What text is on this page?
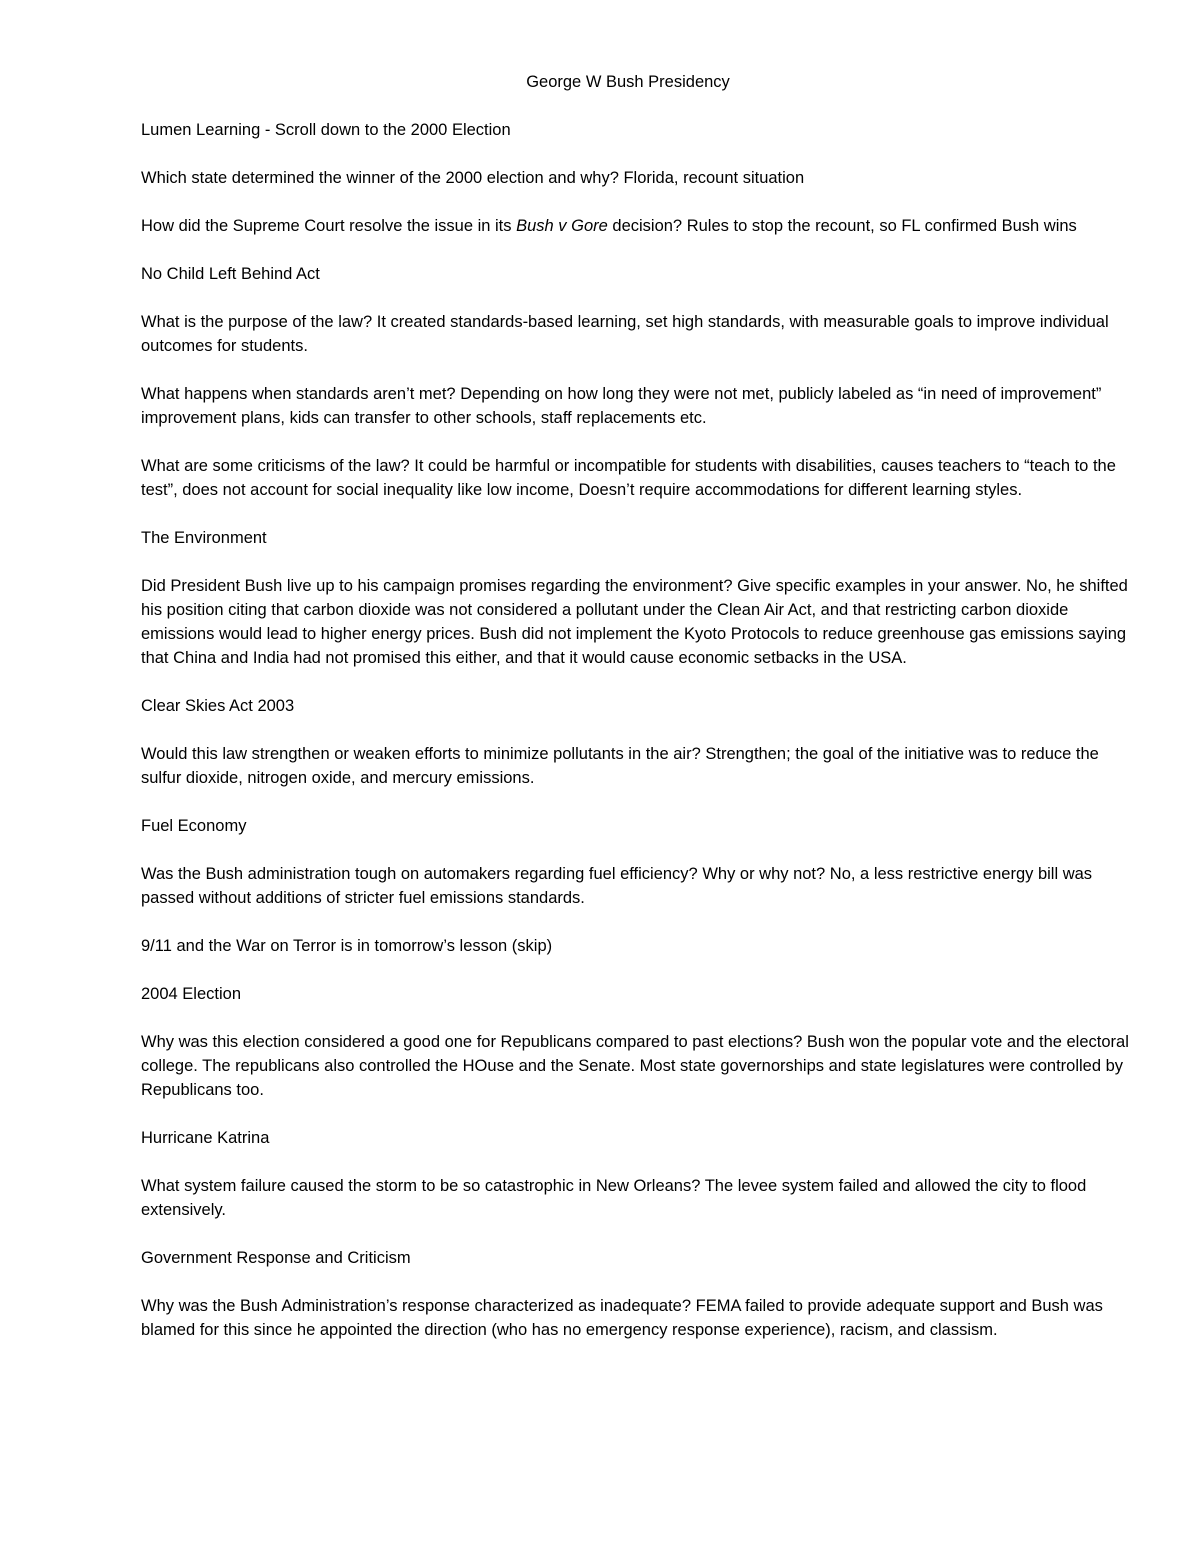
George W Bush Presidency
Lumen Learning - Scroll down to the 2000 Election
Which state determined the winner of the 2000 election and why? Florida, recount situation
How did the Supreme Court resolve the issue in its Bush v Gore decision? Rules to stop the recount, so FL confirmed Bush wins
No Child Left Behind Act
What is the purpose of the law? It created standards-based learning, set high standards, with measurable goals to improve individual outcomes for students.
What happens when standards aren’t met? Depending on how long they were not met, publicly labeled as “in need of improvement” improvement plans, kids can transfer to other schools, staff replacements etc.
What are some criticisms of the law? It could be harmful or incompatible for students with disabilities, causes teachers to “teach to the test”, does not account for social inequality like low income, Doesn’t require accommodations for different learning styles.
The Environment
Did President Bush live up to his campaign promises regarding the environment? Give specific examples in your answer. No, he shifted his position citing that carbon dioxide was not considered a pollutant under the Clean Air Act, and that restricting carbon dioxide emissions would lead to higher energy prices. Bush did not implement the Kyoto Protocols to reduce greenhouse gas emissions saying that China and India had not promised this either, and that it would cause economic setbacks in the USA.
Clear Skies Act 2003
Would this law strengthen or weaken efforts to minimize pollutants in the air? Strengthen; the goal of the initiative was to reduce the sulfur dioxide, nitrogen oxide, and mercury emissions.
Fuel Economy
Was the Bush administration tough on automakers regarding fuel efficiency? Why or why not? No, a less restrictive energy bill was passed without additions of stricter fuel emissions standards.
9/11 and the War on Terror is in tomorrow’s lesson (skip)
2004 Election
Why was this election considered a good one for Republicans compared to past elections? Bush won the popular vote and the electoral college. The republicans also controlled the HOuse and the Senate. Most state governorships and state legislatures were controlled by Republicans too.
Hurricane Katrina
What system failure caused the storm to be so catastrophic in New Orleans? The levee system failed and allowed the city to flood extensively.
Government Response and Criticism
Why was the Bush Administration’s response characterized as inadequate? FEMA failed to provide adequate support and Bush was blamed for this since he appointed the direction (who has no emergency response experience), racism, and classism.
